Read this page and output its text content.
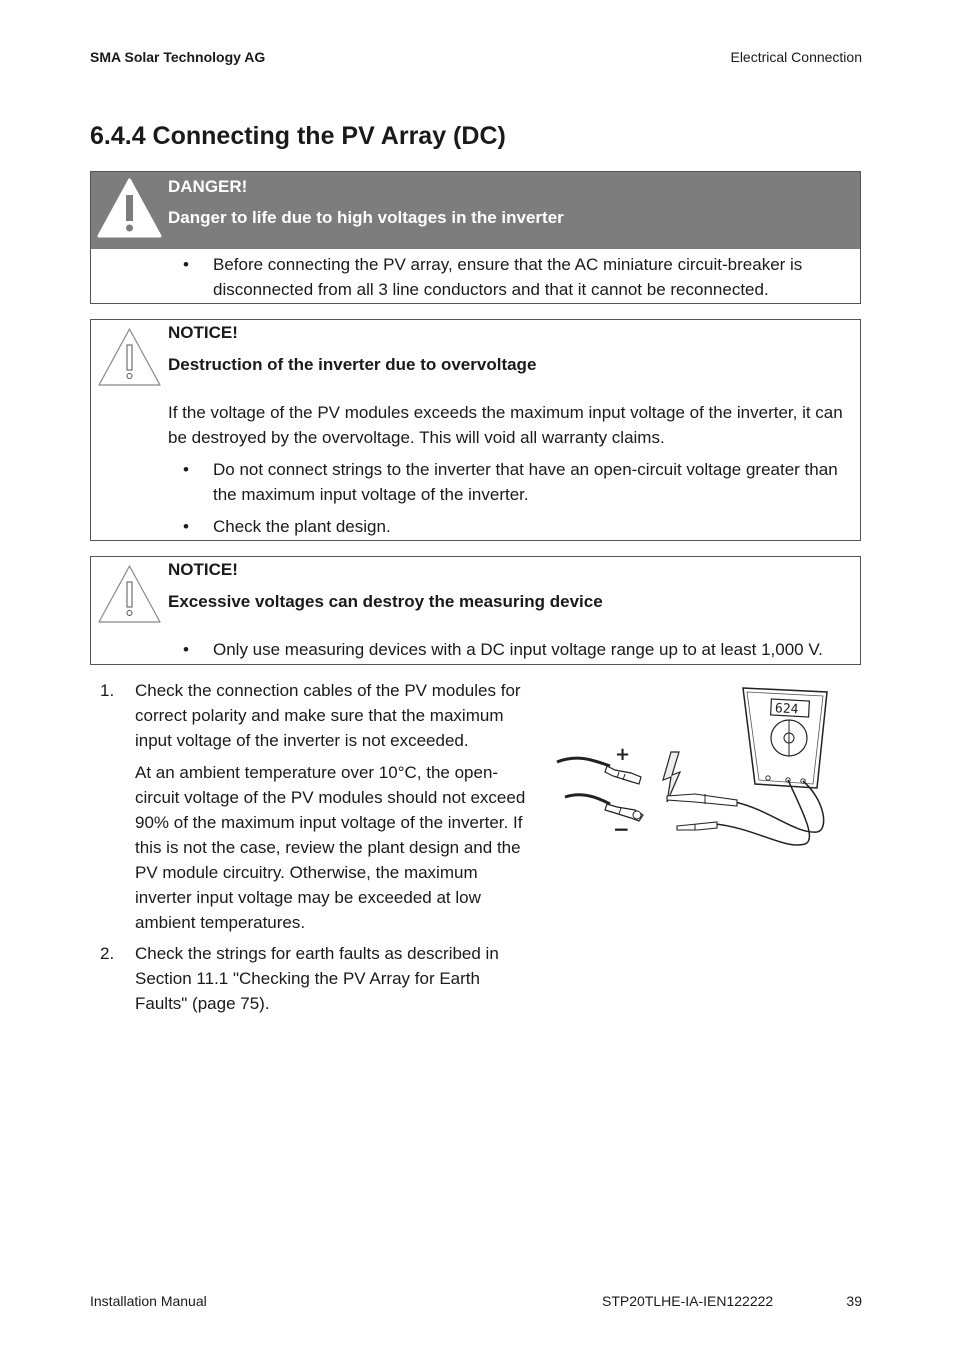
SMA Solar Technology AG	Electrical Connection
6.4.4 Connecting the PV Array (DC)
DANGER!
Danger to life due to high voltages in the inverter
• Before connecting the PV array, ensure that the AC miniature circuit-breaker is disconnected from all 3 line conductors and that it cannot be reconnected.
NOTICE!
Destruction of the inverter due to overvoltage
If the voltage of the PV modules exceeds the maximum input voltage of the inverter, it can be destroyed by the overvoltage. This will void all warranty claims.
• Do not connect strings to the inverter that have an open-circuit voltage greater than the maximum input voltage of the inverter.
• Check the plant design.
NOTICE!
Excessive voltages can destroy the measuring device
• Only use measuring devices with a DC input voltage range up to at least 1,000 V.
1. Check the connection cables of the PV modules for correct polarity and make sure that the maximum input voltage of the inverter is not exceeded.
At an ambient temperature over 10°C, the open-circuit voltage of the PV modules should not exceed 90% of the maximum input voltage of the inverter. If this is not the case, review the plant design and the PV module circuitry. Otherwise, the maximum inverter input voltage may be exceeded at low ambient temperatures.
2. Check the strings for earth faults as described in Section 11.1 "Checking the PV Array for Earth Faults" (page 75).
+
−
624
Installation Manual	STP20TLHE-IA-IEN122222	39
